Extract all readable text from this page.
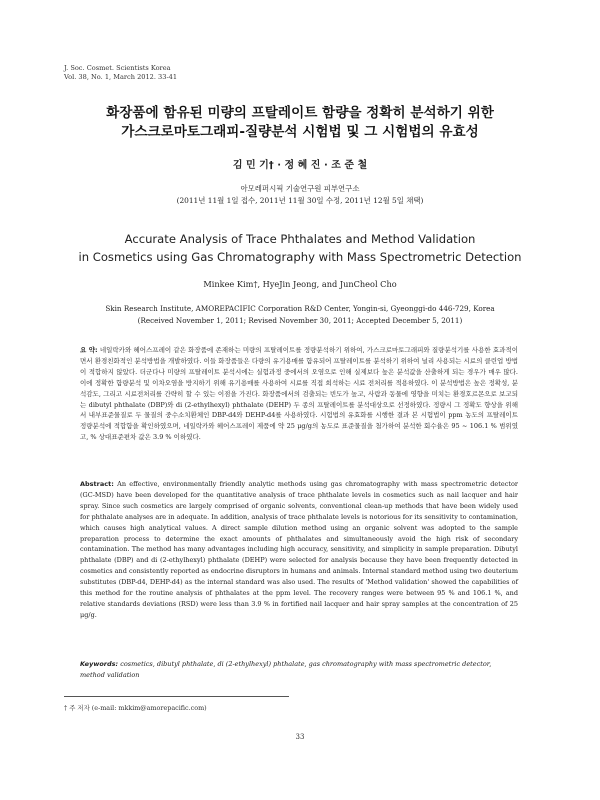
J. Soc. Cosmet. Scientists Korea
Vol. 38, No. 1, March 2012. 33-41
화장품에 함유된 미량의 프탈레이트 함량을 정확히 분석하기 위한
가스크로마토그래피-질량분석 시험법 및 그 시험법의 유효성
김 민 기† · 정 혜 진 · 조 준 철
아모레퍼시픽 기술연구원 피부연구소
(2011년 11월 1일 접수, 2011년 11월 30일 수정, 2011년 12월 5일 채택)
Accurate Analysis of Trace Phthalates and Method Validation
in Cosmetics using Gas Chromatography with Mass Spectrometric Detection
Minkee Kim†, HyeJin Jeong, and JunCheol Cho
Skin Research Institute, AMOREPACIFIC Corporation R&D Center, Yongin-si, Gyeonggi-do 446-729, Korea
(Received November 1, 2011; Revised November 30, 2011; Accepted December 5, 2011)
요 약: 네일락카와 헤어스프레이 같은 화장품에 존재하는 미량의 프탈레이트를 정량분석하기 위하여, 가스크로마토그래피와 질량분석기를 사용한 효과적이면서 환경친화적인 분석방법을 개발하였다. 이들 화장품들은 다량의 유기용매를 함유되어 프탈레이트를 분석하기 위하여 널리 사용되는 시료의 클린업 방법이 적합하지 않았다. 더군다나 미량의 프탈레이트 분석시에는 실험과정 중에서의 오염으로 인해 실제보다 높은 분석값을 산출하게 되는 경우가 매우 많다. 이에 정확한 함량분석 및 이차오염을 방지하기 위해 유기용매를 사용하여 시료를 직접 희석하는 시료 전처리를 적용하였다. 이 분석방법은 높은 정확성, 분석감도, 그리고 시료전처리를 간략히 할 수 있는 이점을 가진다. 화장품에서의 검출되는 빈도가 높고, 사람과 동물에 영향을 미치는 환경호르몬으로 보고되는 dibutyl phthalate (DBP)와 di (2-ethylhexyl) phthalate (DEHP) 두 종의 프탈레이트를 분석대상으로 선정하였다. 정량시 그 정확도 향상을 위해서 내부표준물질로 두 물질의 중수소치환체인 DBP-d4와 DEHP-d4를 사용하였다. 시험법의 유효화를 시행한 결과 본 시험법이 ppm 농도의 프탈레이트 정량분석에 적합함을 확인하였으며, 네일락카와 헤어스프레이 제품에 약 25 μg/g의 농도로 표준물질을 첨가하여 분석한 회수율은 95 ~ 106.1 % 범위였고, % 상대표준편차 값은 3.9 % 이하였다.
Abstract: An effective, environmentally friendly analytic methods using gas chromatography with mass spectrometric detector (GC-MSD) have been developed for the quantitative analysis of trace phthalate levels in cosmetics such as nail lacquer and hair spray. Since such cosmetics are largely comprised of organic solvents, conventional clean-up methods that have been widely used for phthalate analyses are in adequate. In addition, analysis of trace phthalate levels is notorious for its sensitivity to contamination, which causes high analytical values. A direct sample dilution method using an organic solvent was adopted to the sample preparation process to determine the exact amounts of phthalates and simultaneously avoid the high risk of secondary contamination. The method has many advantages including high accuracy, sensitivity, and simplicity in sample preparation. Dibutyl phthalate (DBP) and di (2-ethylhexyl) phthalate (DEHP) were selected for analysis because they have been frequently detected in cosmetics and consistently reported as endocrine disruptors in humans and animals. Internal standard method using two deuterium substitutes (DBP-d4, DEHP-d4) as the internal standard was also used. The results of 'Method validation' showed the capabilities of this method for the routine analysis of phthalates at the ppm level. The recovery ranges were between 95 % and 106.1 %, and relative standards deviations (RSD) were less than 3.9 % in fortified nail lacquer and hair spray samples at the concentration of 25 μg/g.
Keywords: cosmetics, dibutyl phthalate, di (2-ethylhexyl) phthalate, gas chromatography with mass spectrometric detector, method validation
† 주 저자 (e-mail: mkkim@amorepacific.com)
33
